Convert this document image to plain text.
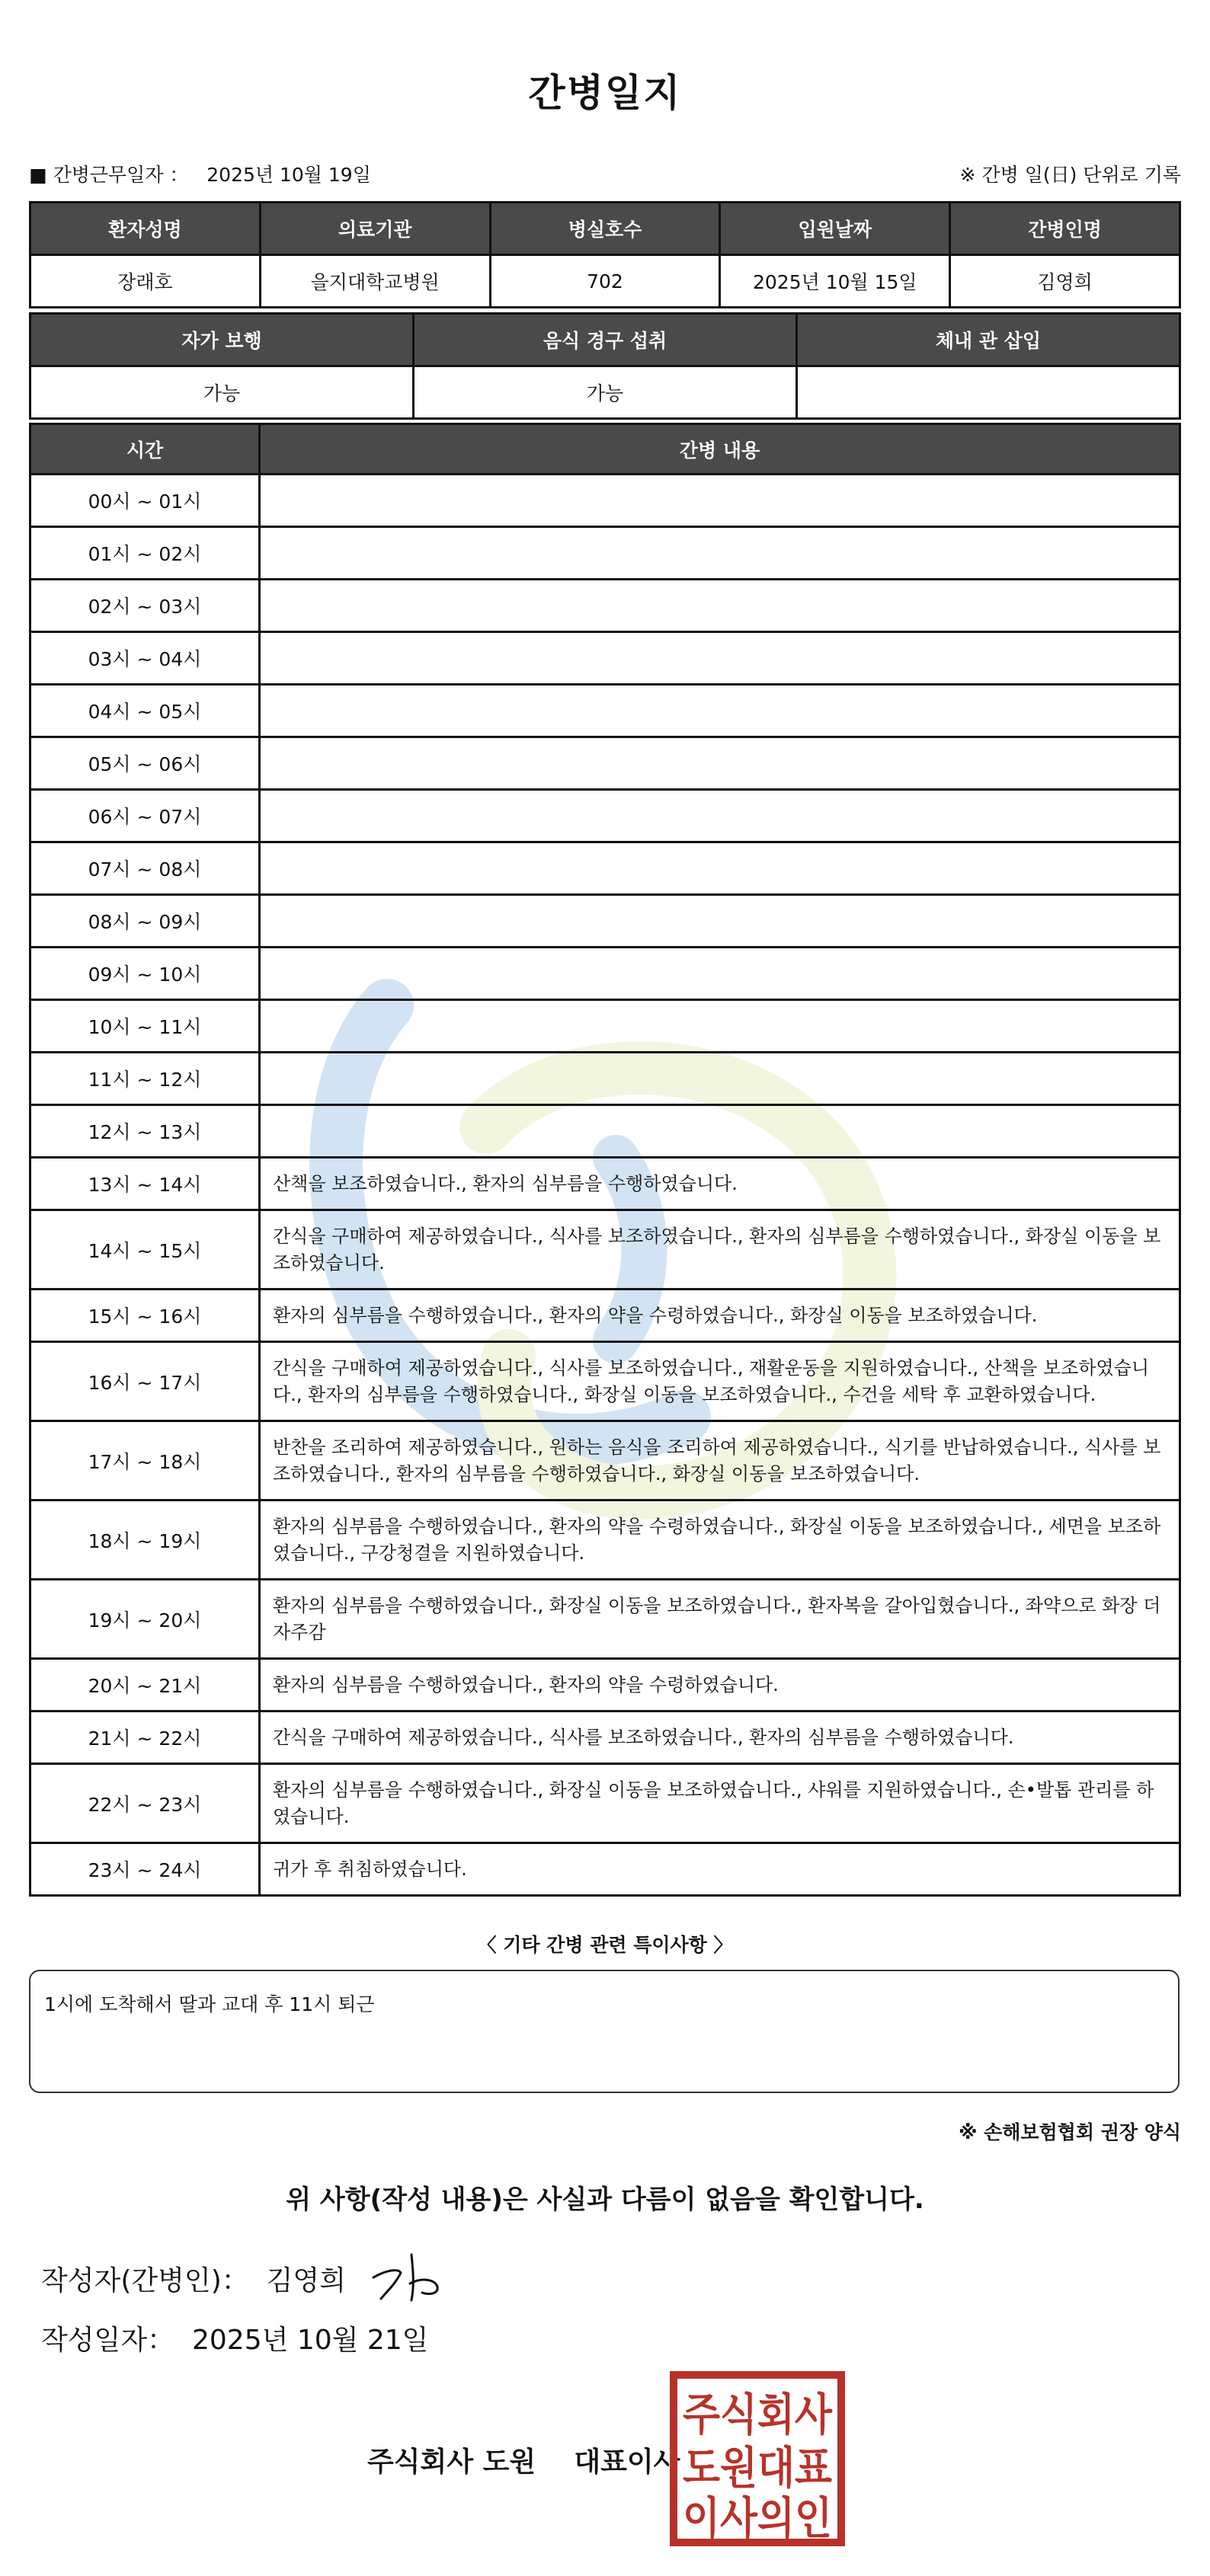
간병일지
■ 간병근무일자 ： 2025년 10월 19일	※ 간병 일(日) 단위로 기록
환자성명	의료기관	병실호수	입원날짜	간병인명
장래호	을지대학교병원	702	2025년 10월 15일	김영희
자가 보행	음식 경구 섭취	체내 관 삽입
가능	가능	
시간	간병 내용
00시 ~ 01시	
01시 ~ 02시	
02시 ~ 03시	
03시 ~ 04시	
04시 ~ 05시	
05시 ~ 06시	
06시 ~ 07시	
07시 ~ 08시	
08시 ~ 09시	
09시 ~ 10시	
10시 ~ 11시	
11시 ~ 12시	
12시 ~ 13시	
13시 ~ 14시	산책을 보조하였습니다., 환자의 심부름을 수행하였습니다.
14시 ~ 15시	간식을 구매하여 제공하였습니다., 식사를 보조하였습니다., 환자의 심부름을 수행하였습니다., 화장실 이동을 보조하였습니다.
15시 ~ 16시	환자의 심부름을 수행하였습니다., 환자의 약을 수령하였습니다., 화장실 이동을 보조하였습니다.
16시 ~ 17시	간식을 구매하여 제공하였습니다., 식사를 보조하였습니다., 재활운동을 지원하였습니다., 산책을 보조하였습니다., 환자의 심부름을 수행하였습니다., 화장실 이동을 보조하였습니다., 수건을 세탁 후 교환하였습니다.
17시 ~ 18시	반찬을 조리하여 제공하였습니다., 원하는 음식을 조리하여 제공하였습니다., 식기를 반납하였습니다., 식사를 보조하였습니다., 환자의 심부름을 수행하였습니다., 화장실 이동을 보조하였습니다.
18시 ~ 19시	환자의 심부름을 수행하였습니다., 환자의 약을 수령하였습니다., 화장실 이동을 보조하였습니다., 세면을 보조하였습니다., 구강청결을 지원하였습니다.
19시 ~ 20시	환자의 심부름을 수행하였습니다., 화장실 이동을 보조하였습니다., 환자복을 갈아입혔습니다., 좌약으로 화장 더 자주감
20시 ~ 21시	환자의 심부름을 수행하였습니다., 환자의 약을 수령하였습니다.
21시 ~ 22시	간식을 구매하여 제공하였습니다., 식사를 보조하였습니다., 환자의 심부름을 수행하였습니다.
22시 ~ 23시	환자의 심부름을 수행하였습니다., 화장실 이동을 보조하였습니다., 샤워를 지원하였습니다., 손•발톱 관리를 하였습니다.
23시 ~ 24시	귀가 후 취침하였습니다.
〈 기타 간병 관련 특이사항 〉
1시에 도착해서 딸과 교대 후 11시 퇴근
※ 손해보험협회 권장 양식
위 사항(작성 내용)은 사실과 다름이 없음을 확인합니다.
작성자(간병인)： 김영희
작성일자： 2025년 10월 21일
주식회사 도원 대표이사
주식회사
도원대표
이사의인
